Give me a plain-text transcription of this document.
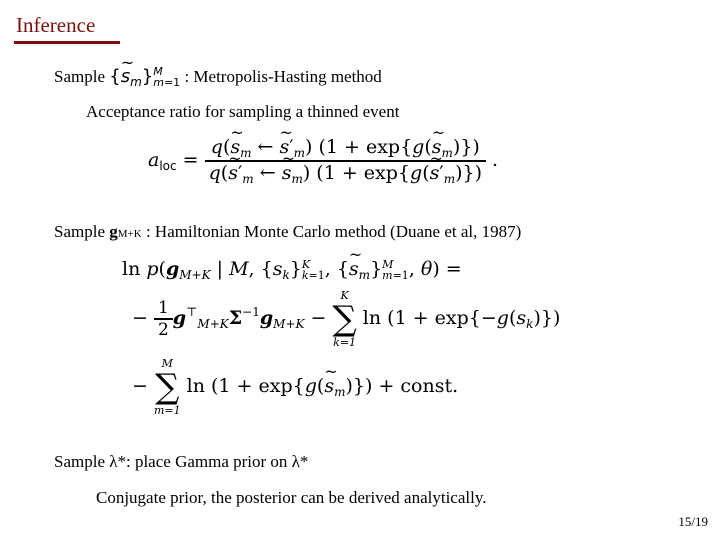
Inference
Sample {~ $s_m\}M$
m=1 : Metropolis-Hasting method
Acceptance ratio for sampling a thinned event
$a_{loc} = \frac{q(\sim s_m \leftarrow \sim s'_m) (1 + \exp\{g(\sim s_m)\})}{q(\sim s'_m \leftarrow \sim s_m) (1 + \exp\{g(\sim s'_m)\})}$ .
Sample gM+K : Hamiltonian Monte Carlo method (Duane et al, 1987)
$\ln p(g_{M+K}$ | M, $\{s_k\}K$
k=1, {~ $s_m\}M$
m=1, θ) =
− $\frac{1}{2} g^⊤_{M+K}\Sigma^{-1}g_{M+K}$ −
K
∑
k=1
$\ln (1 + \exp\{-g(s_k)\})$
−
M
∑
m=1
ln (1 + exp{g(~ $s_m$)}) + const.
Sample λ*: place Gamma prior on λ*
Conjugate prior, the posterior can be derived analytically.
15/19
